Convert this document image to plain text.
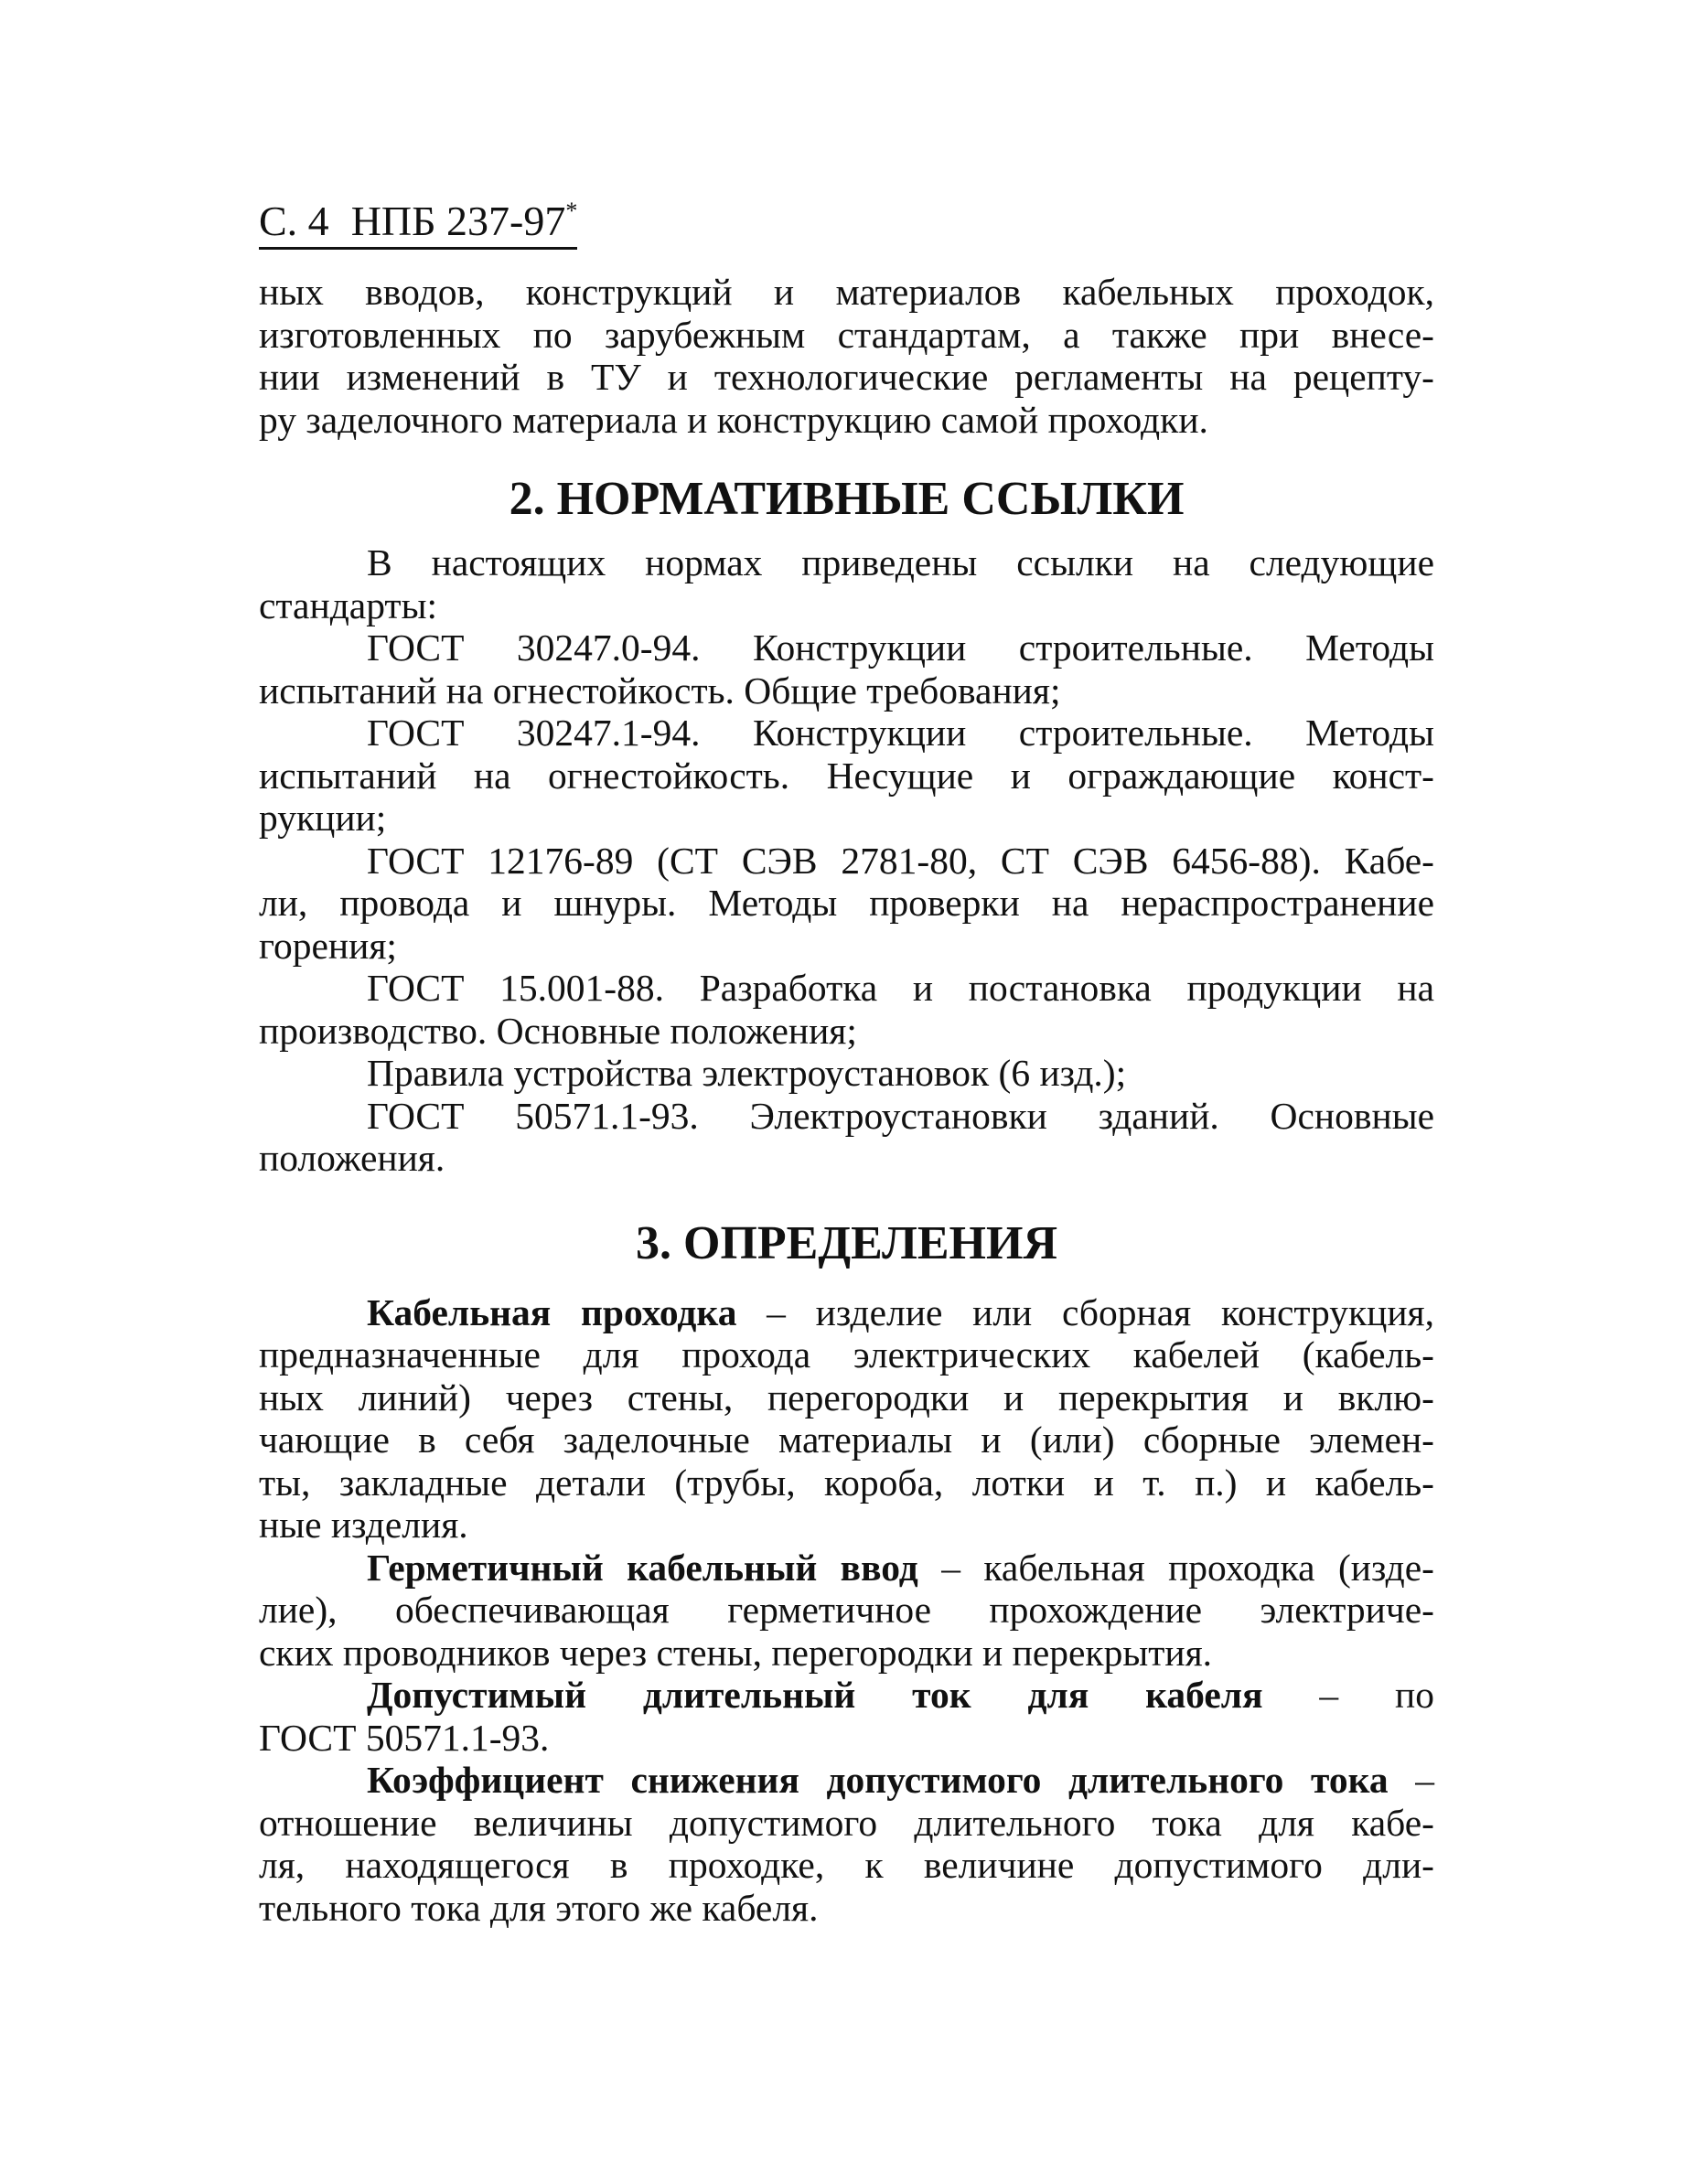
С. 4 НПБ 237-97*
ных вводов, конструкций и материалов кабельных проходок,
изготовленных по зарубежным стандартам, а также при внесе-
нии изменений в ТУ и технологические регламенты на рецепту-
ру заделочного материала и конструкцию самой проходки.
2. НОРМАТИВНЫЕ ССЫЛКИ
В настоящих нормах приведены ссылки на следующие
стандарты:
ГОСТ 30247.0-94. Конструкции строительные. Методы
испытаний на огнестойкость. Общие требования;
ГОСТ 30247.1-94. Конструкции строительные. Методы
испытаний на огнестойкость. Несущие и ограждающие конст-
рукции;
ГОСТ 12176-89 (СТ СЭВ 2781-80, СТ СЭВ 6456-88). Кабе-
ли, провода и шнуры. Методы проверки на нераспространение
горения;
ГОСТ 15.001-88. Разработка и постановка продукции на
производство. Основные положения;
Правила устройства электроустановок (6 изд.);
ГОСТ 50571.1-93. Электроустановки зданий. Основные
положения.
3. ОПРЕДЕЛЕНИЯ
Кабельная проходка – изделие или сборная конструкция,
предназначенные для прохода электрических кабелей (кабель-
ных линий) через стены, перегородки и перекрытия и вклю-
чающие в себя заделочные материалы и (или) сборные элемен-
ты, закладные детали (трубы, короба, лотки и т. п.) и кабель-
ные изделия.
Герметичный кабельный ввод – кабельная проходка (изде-
лие), обеспечивающая герметичное прохождение электриче-
ских проводников через стены, перегородки и перекрытия.
Допустимый длительный ток для кабеля – по
ГОСТ 50571.1-93.
Коэффициент снижения допустимого длительного тока –
отношение величины допустимого длительного тока для кабе-
ля, находящегося в проходке, к величине допустимого дли-
тельного тока для этого же кабеля.
